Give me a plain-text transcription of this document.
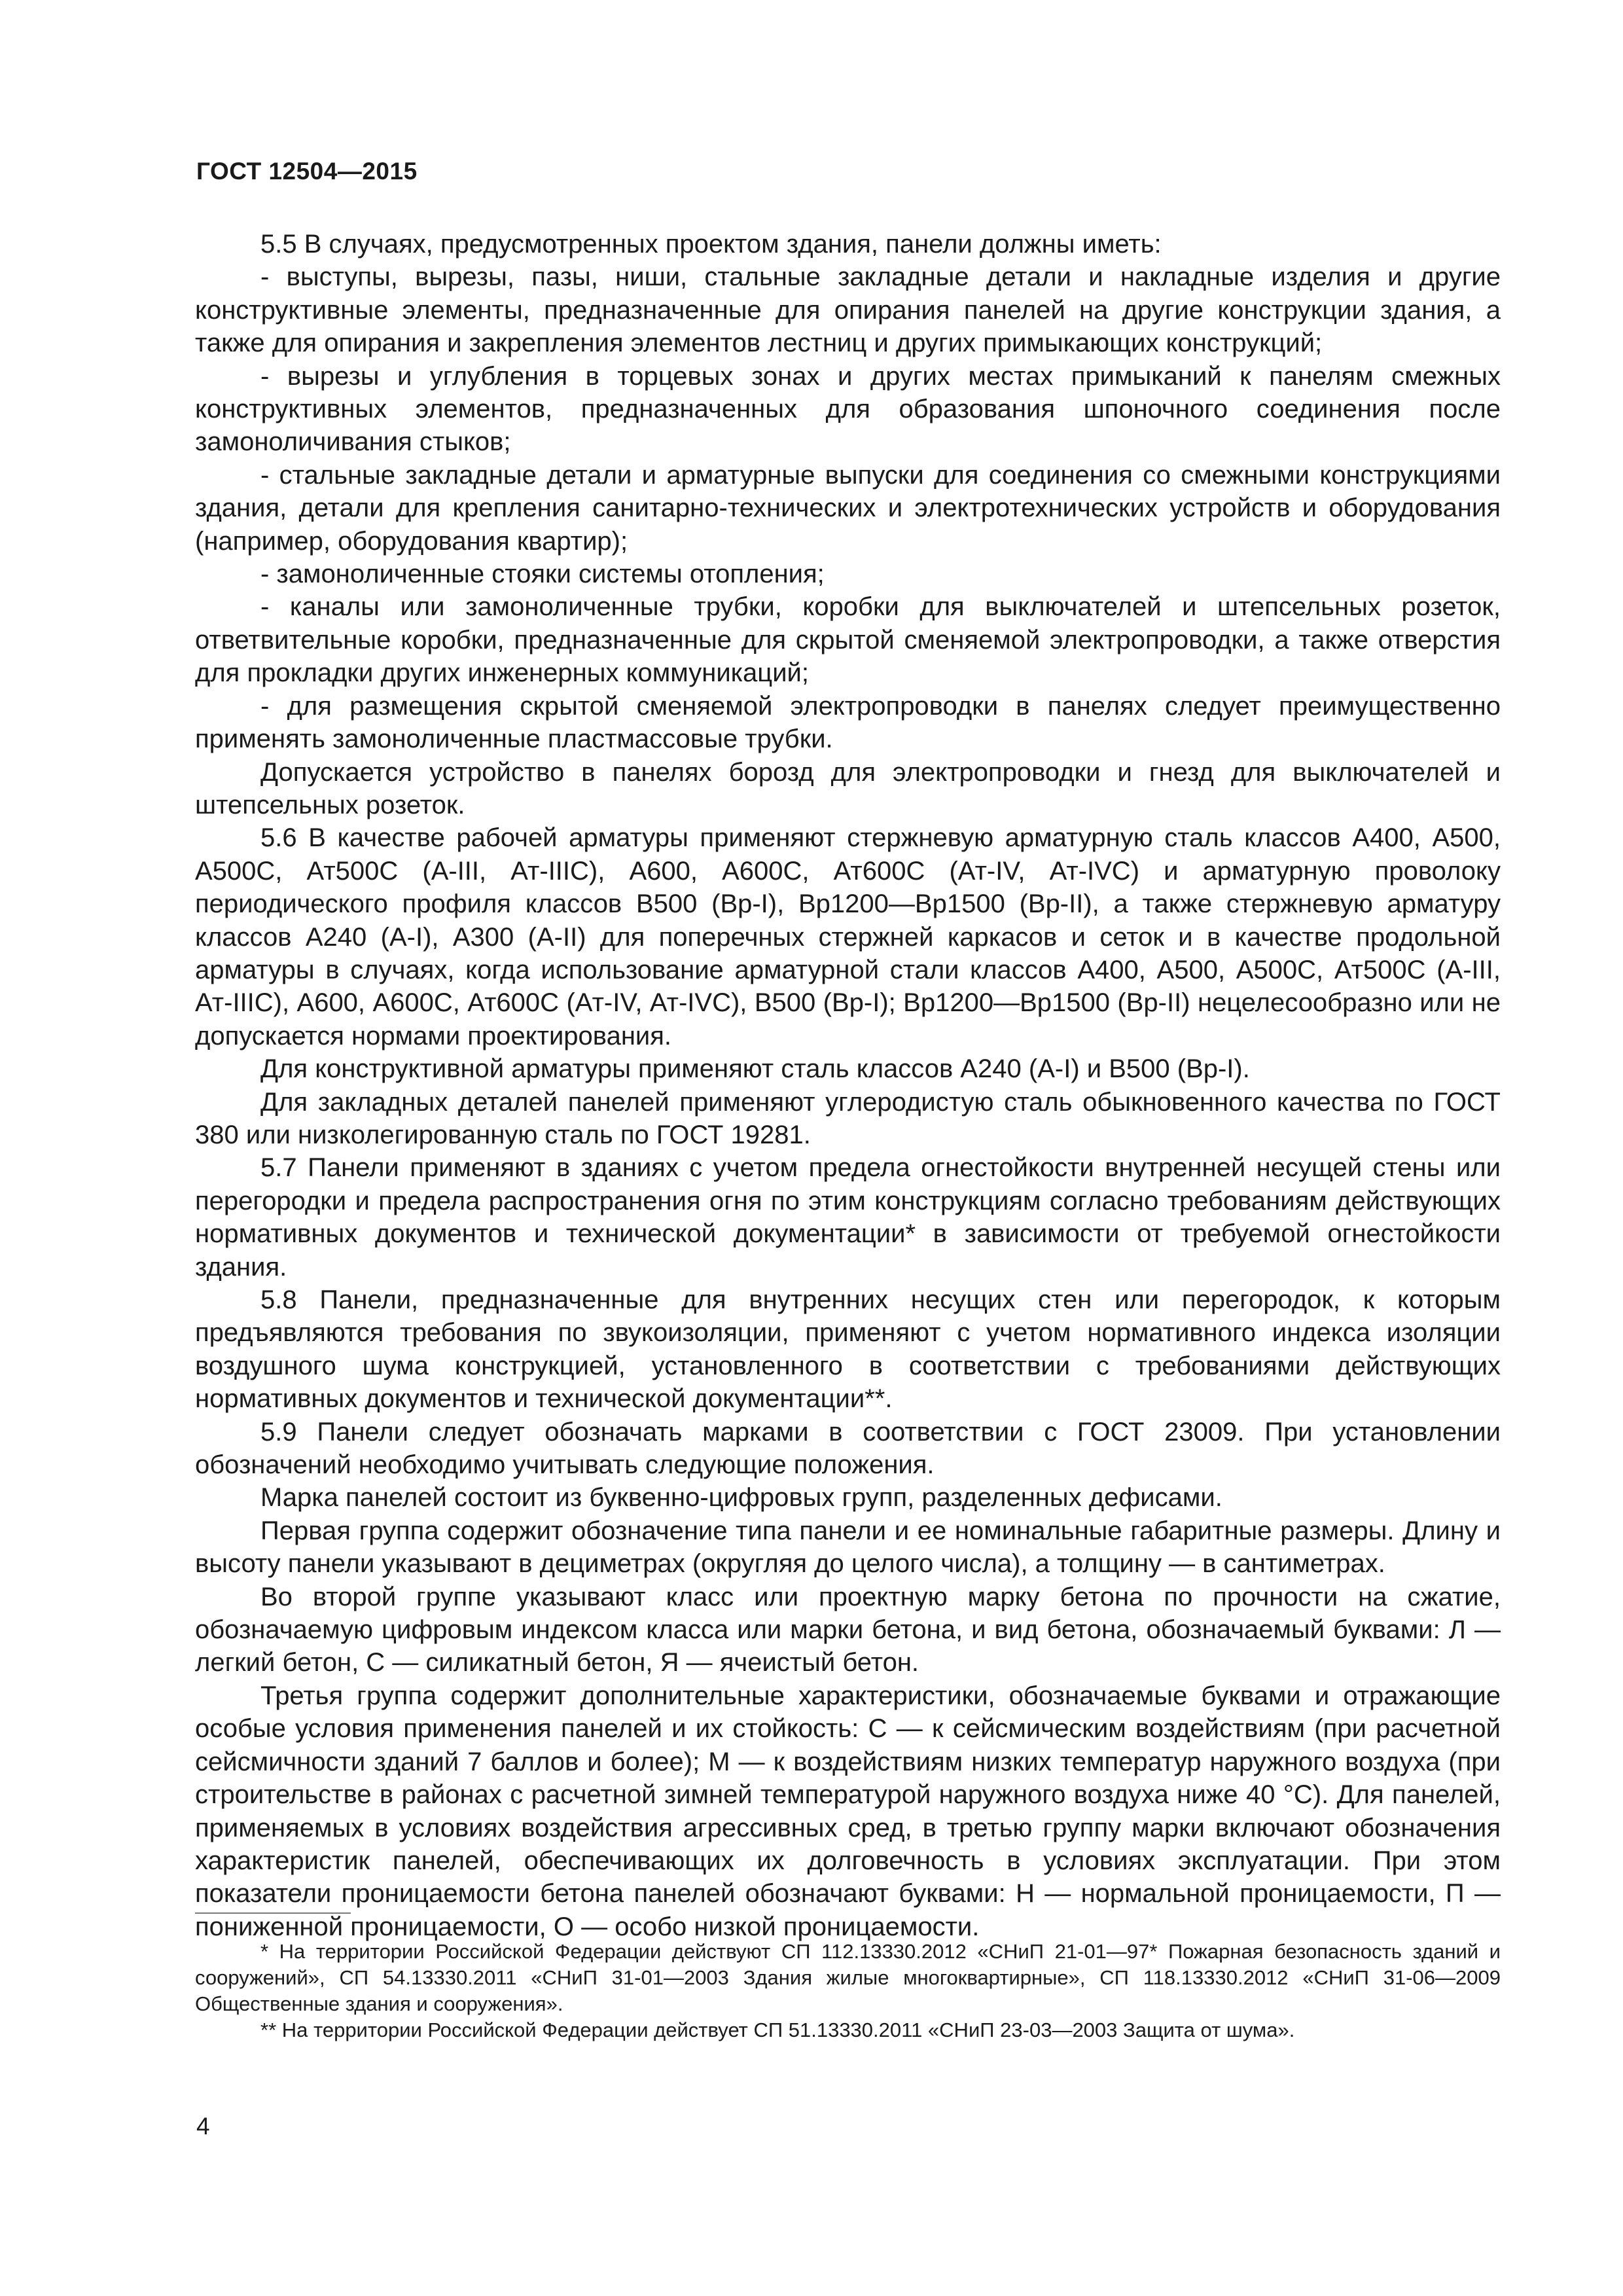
ГОСТ 12504—2015

5.5 В случаях, предусмотренных проектом здания, панели должны иметь:

- выступы, вырезы, пазы, ниши, стальные закладные детали и накладные изделия и другие конструктивные элементы, предназначенные для опирания панелей на другие конструкции здания, а также для опирания и закрепления элементов лестниц и других примыкающих конструкций;

- вырезы и углубления в торцевых зонах и других местах примыканий к панелям смежных конструктивных элементов, предназначенных для образования шпоночного соединения после замоноличивания стыков;

- стальные закладные детали и арматурные выпуски для соединения со смежными конструкциями здания, детали для крепления санитарно-технических и электротехнических устройств и оборудования (например, оборудования квартир);

- замоноличенные стояки системы отопления;

- каналы или замоноличенные трубки, коробки для выключателей и штепсельных розеток, ответвительные коробки, предназначенные для скрытой сменяемой электропроводки, а также отверстия для прокладки других инженерных коммуникаций;

- для размещения скрытой сменяемой электропроводки в панелях следует преимущественно применять замоноличенные пластмассовые трубки.

Допускается устройство в панелях борозд для электропроводки и гнезд для выключателей и штепсельных розеток.

5.6 В качестве рабочей арматуры применяют стержневую арматурную сталь классов А400, А500, А500С, Ат500С (А-III, Ат-IIIС), А600, А600С, Ат600С (Ат-IV, Ат-IVС) и арматурную проволоку периодического профиля классов В500 (Вр-I), Вр1200—Вр1500 (Вр-II), а также стержневую арматуру классов А240 (А-I), А300 (А-II) для поперечных стержней каркасов и сеток и в качестве продольной арматуры в случаях, когда использование арматурной стали классов А400, А500, А500С, Ат500С (А-III, Ат-IIIС), А600, А600С, Ат600С (Ат-IV, Ат-IVС), В500 (Вр-I); Вр1200—Вр1500 (Вр-II) нецелесообразно или не допускается нормами проектирования.

Для конструктивной арматуры применяют сталь классов А240 (А-I) и В500 (Вр-I).

Для закладных деталей панелей применяют углеродистую сталь обыкновенного качества по ГОСТ 380 или низколегированную сталь по ГОСТ 19281.

5.7 Панели применяют в зданиях с учетом предела огнестойкости внутренней несущей стены или перегородки и предела распространения огня по этим конструкциям согласно требованиям действующих нормативных документов и технической документации* в зависимости от требуемой огнестойкости здания.

5.8 Панели, предназначенные для внутренних несущих стен или перегородок, к которым предъявляются требования по звукоизоляции, применяют с учетом нормативного индекса изоляции воздушного шума конструкцией, установленного в соответствии с требованиями действующих нормативных документов и технической документации**.

5.9 Панели следует обозначать марками в соответствии с ГОСТ 23009. При установлении обозначений необходимо учитывать следующие положения.

Марка панелей состоит из буквенно-цифровых групп, разделенных дефисами.

Первая группа содержит обозначение типа панели и ее номинальные габаритные размеры. Длину и высоту панели указывают в дециметрах (округляя до целого числа), а толщину — в сантиметрах.

Во второй группе указывают класс или проектную марку бетона по прочности на сжатие, обозначаемую цифровым индексом класса или марки бетона, и вид бетона, обозначаемый буквами: Л — легкий бетон, С — силикатный бетон, Я — ячеистый бетон.

Третья группа содержит дополнительные характеристики, обозначаемые буквами и отражающие особые условия применения панелей и их стойкость: С — к сейсмическим воздействиям (при расчетной сейсмичности зданий 7 баллов и более); М — к воздействиям низких температур наружного воздуха (при строительстве в районах с расчетной зимней температурой наружного воздуха ниже 40 °С). Для панелей, применяемых в условиях воздействия агрессивных сред, в третью группу марки включают обозначения характеристик панелей, обеспечивающих их долговечность в условиях эксплуатации. При этом показатели проницаемости бетона панелей обозначают буквами: Н — нормальной проницаемости, П — пониженной проницаемости, О — особо низкой проницаемости.

* На территории Российской Федерации действуют СП 112.13330.2012 «СНиП 21-01—97* Пожарная безопасность зданий и сооружений», СП 54.13330.2011 «СНиП 31-01—2003 Здания жилые многоквартирные», СП 118.13330.2012 «СНиП 31-06—2009 Общественные здания и сооружения».

** На территории Российской Федерации действует СП 51.13330.2011 «СНиП 23-03—2003 Защита от шума».

4
